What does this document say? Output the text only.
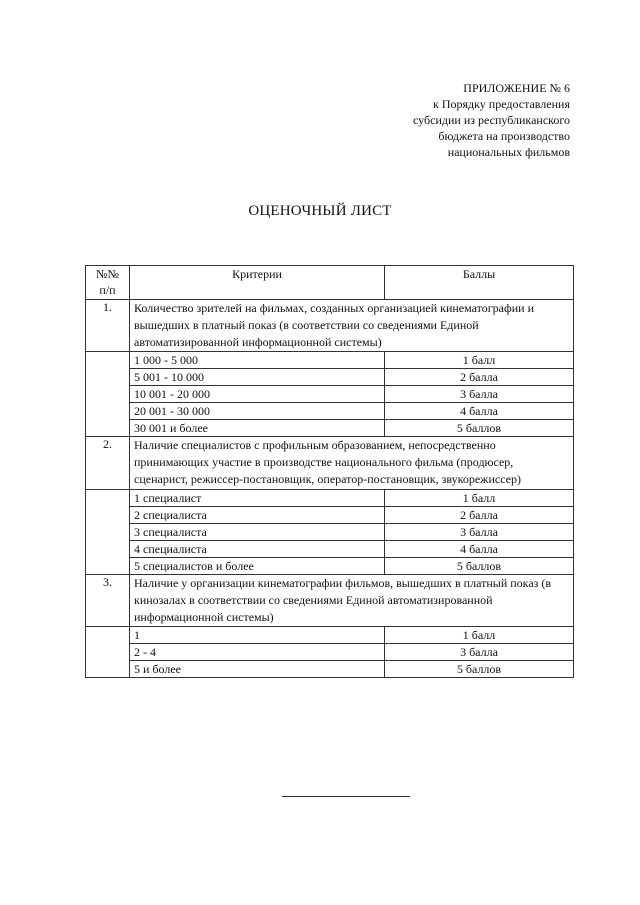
ПРИЛОЖЕНИЕ № 6
к Порядку предоставления
субсидии из республиканского
бюджета на производство
национальных фильмов
ОЦЕНОЧНЫЙ ЛИСТ
№№ п/п	Критерии	Баллы
1.	Количество зрителей на фильмах, созданных организацией кинематографии и вышедших в платный показ (в соответствии со сведениями Единой автоматизированной информационной системы)	
	1 000 - 5 000	1 балл
	5 001 - 10 000	2 балла
	10 001 - 20 000	3 балла
	20 001 - 30 000	4 балла
	30 001 и более	5 баллов
2.	Наличие специалистов с профильным образованием, непосредственно принимающих участие в производстве национального фильма (продюсер, сценарист, режиссер-постановщик, оператор-постановщик, звукорежиссер)	
	1 специалист	1 балл
	2 специалиста	2 балла
	3 специалиста	3 балла
	4 специалиста	4 балла
	5 специалистов и более	5 баллов
3.	Наличие у организации кинематографии фильмов, вышедших в платный показ (в кинозалах в соответствии со сведениями Единой автоматизированной информационной системы)	
	1	1 балл
	2 - 4	3 балла
	5 и более	5 баллов
